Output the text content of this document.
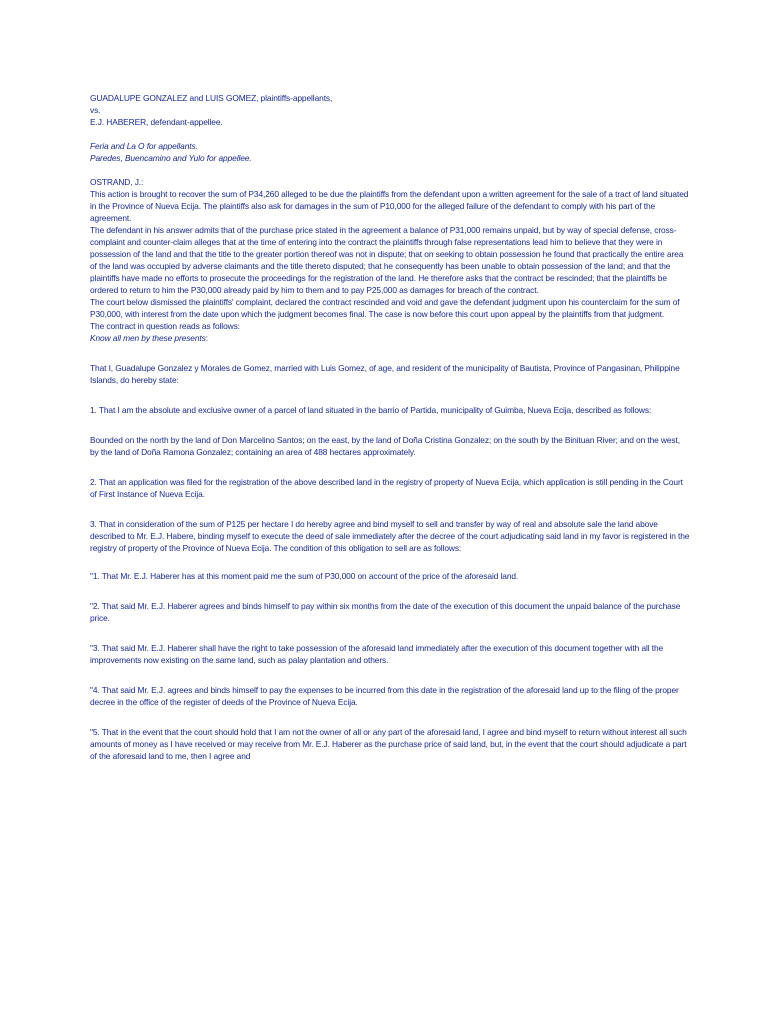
GUADALUPE GONZALEZ and LUIS GOMEZ, plaintiffs-appellants,

vs.

E.J. HABERER, defendant-appellee.

Feria and La O for appellants.

Paredes, Buencamino and Yulo for appellee.

OSTRAND, J.:

This action is brought to recover the sum of P34,260 alleged to be due the plaintiffs from the defendant upon a written agreement for the sale of a tract of land situated in the Province of Nueva Ecija. The plaintiffs also ask for damages in the sum of P10,000 for the alleged failure of the defendant to comply with his part of the agreement.

The defendant in his answer admits that of the purchase price stated in the agreement a balance of P31,000 remains unpaid, but by way of special defense, cross-complaint and counter-claim alleges that at the time of entering into the contract the plaintiffs through false representations lead him to believe that they were in possession of the land and that the title to the greater portion thereof was not in dispute; that on seeking to obtain possession he found that practically the entire area of the land was occupied by adverse claimants and the title thereto disputed; that he consequently has been unable to obtain possession of the land; and that the plaintiffs have made no efforts to prosecute the proceedings for the registration of the land. He therefore asks that the contract be rescinded; that the plaintiffs be ordered to return to him the P30,000 already paid by him to them and to pay P25,000 as damages for breach of the contract.

The court below dismissed the plaintiffs' complaint, declared the contract rescinded and void and gave the defendant judgment upon his counterclaim for the sum of P30,000, with interest from the date upon which the judgment becomes final. The case is now before this court upon appeal by the plaintiffs from that judgment.

The contract in question reads as follows:

Know all men by these presents:

That I, Guadalupe Gonzalez y Morales de Gomez, married with Luis Gomez, of age, and resident of the municipality of Bautista, Province of Pangasinan, Philippine Islands, do hereby state:

1. That I am the absolute and exclusive owner of a parcel of land situated in the barrio of Partida, municipality of Guimba, Nueva Ecija, described as follows:

Bounded on the north by the land of Don Marcelino Santos; on the east, by the land of Doña Cristina Gonzalez; on the south by the Binituan River; and on the west, by the land of Doña Ramona Gonzalez; containing an area of 488 hectares approximately.

2. That an application was filed for the registration of the above described land in the registry of property of Nueva Ecija, which application is still pending in the Court of First Instance of Nueva Ecija.

3. That in consideration of the sum of P125 per hectare I do hereby agree and bind myself to sell and transfer by way of real and absolute sale the land above described to Mr. E.J. Habere, binding myself to execute the deed of sale immediately after the decree of the court adjudicating said land in my favor is registered in the registry of property of the Province of Nueva Ecija. The condition of this obligation to sell are as follows:

"1. That Mr. E.J. Haberer has at this moment paid me the sum of P30,000 on account of the price of the aforesaid land.

"2. That said Mr. E.J. Haberer agrees and binds himself to pay within six months from the date of the execution of this document the unpaid balance of the purchase price.

"3. That said Mr. E.J. Haberer shall have the right to take possession of the aforesaid land immediately after the execution of this document together with all the improvements now existing on the same land, such as palay plantation and others.

"4. That said Mr. E.J. agrees and binds himself to pay the expenses to be incurred from this date in the registration of the aforesaid land up to the filing of the proper decree in the office of the register of deeds of the Province of Nueva Ecija.

"5. That in the event that the court should hold that I am not the owner of all or any part of the aforesaid land, I agree and bind myself to return without interest all such amounts of money as I have received or may receive from Mr. E.J. Haberer as the purchase price of said land, but, in the event that the court should adjudicate a part of the aforesaid land to me, then I agree and
